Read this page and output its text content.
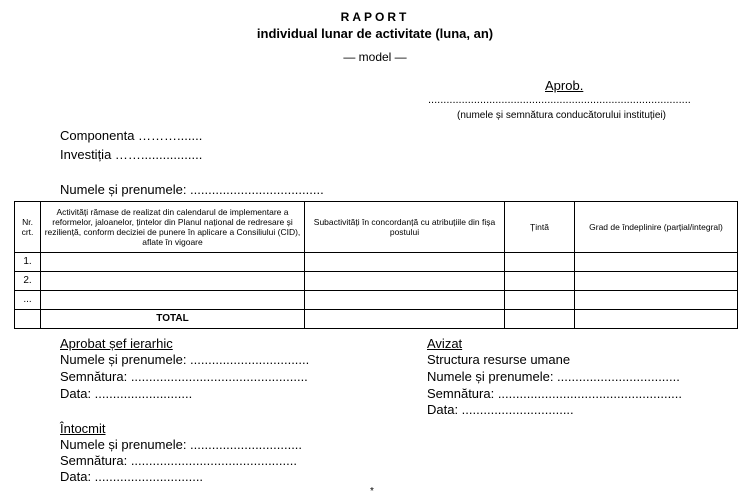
RAPORT
individual lunar de activitate (luna, an)
— model —
Aprob.
......................................................................................
(numele și semnătura conducătorului instituției)
Componenta ……….......
Investiția …….................
Numele și prenumele: .....................................
Nr. crt.	Activități rămase de realizat din calendarul de implementare a reformelor, jaloanelor, țintelor din Planul național de redresare și reziliență, conform deciziei de punere în aplicare a Consiliului (CID), aflate în vigoare	Subactivități în concordanță cu atribuțiile din fișa postului	Țintă	Grad de îndeplinire (parțial/integral)
1.				
2.				
...				
	TOTAL			
Aprobat șef ierarhic
Numele și prenumele: .................................
Semnătura: .................................................
Data: ...........................
Avizat
Structura resurse umane
Numele și prenumele: ..................................
Semnătura: ...................................................
Data: ...............................
Întocmit
Numele și prenumele: ...............................
Semnătura: ..............................................
Data: ..............................
*
